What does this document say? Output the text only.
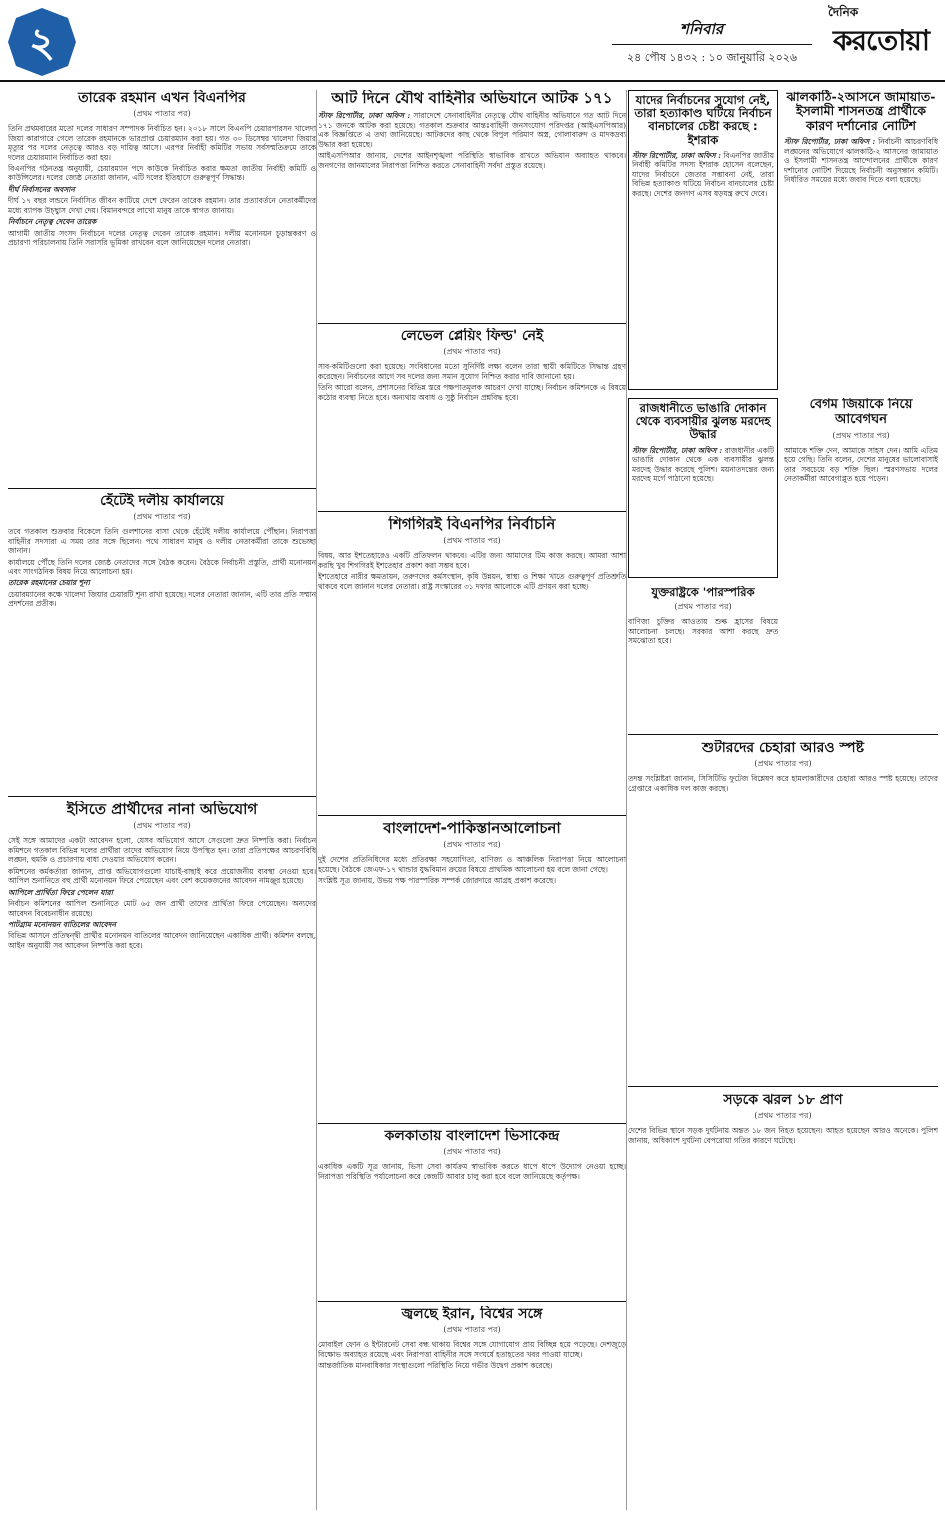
২	শনিবার
২৪ পৌষ ১৪৩২ : ১০ জানুয়ারি ২০২৬
দৈনিক
করতোয়া
তারেক রহমান এখন বিএনপির
(প্রথম পাতার পর)

তিনি প্রথমবারের মতো দলের সাধারণ সম্পাদক নির্বাচিত হন। ২০১৮ সালে বিএনপি চেয়ারপারসন খালেদা জিয়া কারাগারে গেলে তারেক রহমানকে ভারপ্রাপ্ত চেয়ারম্যান করা হয়। গত ৩০ ডিসেম্বর খালেদা জিয়ার মৃত্যুর পর দলের নেতৃত্বে আরও বড় দায়িত্ব আসে। এরপর নির্বাহী কমিটির সভায় সর্বসম্মতিক্রমে তাকে দলের চেয়ারম্যান নির্বাচিত করা হয়।

বিএনপির গঠনতন্ত্র অনুযায়ী, চেয়ারম্যান পদে কাউকে নির্বাচিত করার ক্ষমতা জাতীয় নির্বাহী কমিটি ও কাউন্সিলের। দলের জ্যেষ্ঠ নেতারা জানান, এটি দলের ইতিহাসে গুরুত্বপূর্ণ সিদ্ধান্ত।

দীর্ঘ নির্বাসনের অবসান

দীর্ঘ ১৭ বছর লন্ডনে নির্বাসিত জীবন কাটিয়ে দেশে ফেরেন তারেক রহমান। তার প্রত্যাবর্তনে নেতাকর্মীদের মধ্যে ব্যাপক উচ্ছ্বাস দেখা দেয়। বিমানবন্দরে লাখো মানুষ তাকে স্বাগত জানায়।

নির্বাচনে নেতৃত্ব দেবেন তারেক

আগামী জাতীয় সংসদ নির্বাচনে দলের নেতৃত্ব দেবেন তারেক রহমান। দলীয় মনোনয়ন চূড়ান্তকরণ ও প্রচারণা পরিচালনায় তিনি সরাসরি ভূমিকা রাখবেন বলে জানিয়েছেন দলের নেতারা।

হেঁটেই দলীয় কার্যালয়ে
(প্রথম পাতার পর)

তবে গতকাল শুক্রবার বিকেলে তিনি গুলশানের বাসা থেকে হেঁটেই দলীয় কার্যালয়ে পৌঁছান। নিরাপত্তা বাহিনীর সদস্যরা এ সময় তার সঙ্গে ছিলেন। পথে সাধারণ মানুষ ও দলীয় নেতাকর্মীরা তাকে শুভেচ্ছা জানান।

কার্যালয়ে পৌঁছে তিনি দলের জ্যেষ্ঠ নেতাদের সঙ্গে বৈঠক করেন। বৈঠকে নির্বাচনী প্রস্তুতি, প্রার্থী মনোনয়ন এবং সাংগঠনিক বিষয় নিয়ে আলোচনা হয়।

তারেক রহমানের চেয়ার শূন্য

চেয়ারম্যানের কক্ষে খালেদা জিয়ার চেয়ারটি শূন্য রাখা হয়েছে। দলের নেতারা জানান, এটি তার প্রতি সম্মান প্রদর্শনের প্রতীক।

ইসিতে প্রার্থীদের নানা অভিযোগ
(প্রথম পাতার পর)

সেই সঙ্গে আমাদের একটা আবেদন হলো, যেসব অভিযোগ আসে সেগুলো দ্রুত নিষ্পত্তি করা। নির্বাচন কমিশনে গতকাল বিভিন্ন দলের প্রার্থীরা তাদের অভিযোগ নিয়ে উপস্থিত হন। তারা প্রতিপক্ষের আচরণবিধি লঙ্ঘন, হুমকি ও প্রচারণায় বাধা দেওয়ার অভিযোগ করেন।

কমিশনের কর্মকর্তারা জানান, প্রাপ্ত অভিযোগগুলো যাচাই-বাছাই করে প্রয়োজনীয় ব্যবস্থা নেওয়া হবে। আপিল শুনানিতে বহু প্রার্থী মনোনয়ন ফিরে পেয়েছেন এবং বেশ কয়েকজনের আবেদন নামঞ্জুর হয়েছে।

আপিলে প্রার্থিতা ফিরে পেলেন যারা

নির্বাচন কমিশনের আপিল শুনানিতে মোট ৬৫ জন প্রার্থী তাদের প্রার্থিতা ফিরে পেয়েছেন। অন্যদের আবেদন বিবেচনাধীন রয়েছে।

পাটগ্রাম মনোনয়ন বাতিলের আবেদন

বিভিন্ন আসনে প্রতিদ্বন্দ্বী প্রার্থীর মনোনয়ন বাতিলের আবেদন জানিয়েছেন একাধিক প্রার্থী। কমিশন বলছে, আইন অনুযায়ী সব আবেদন নিষ্পত্তি করা হবে।

আট দিনে যৌথ বাহিনীর অভিযানে আটক ১৭১

স্টাফ রিপোর্টার, ঢাকা অফিস : সারাদেশে সেনাবাহিনীর নেতৃত্বে যৌথ বাহিনীর অভিযানে গত আট দিনে ১৭১ জনকে আটক করা হয়েছে। গতকাল শুক্রবার আন্তঃবাহিনী জনসংযোগ পরিদপ্তর (আইএসপিআর) এক বিজ্ঞপ্তিতে এ তথ্য জানিয়েছে। আটকদের কাছ থেকে বিপুল পরিমাণ অস্ত্র, গোলাবারুদ ও মাদকদ্রব্য উদ্ধার করা হয়েছে।

আইএসপিআর জানায়, দেশের আইনশৃঙ্খলা পরিস্থিতি স্বাভাবিক রাখতে অভিযান অব্যাহত থাকবে। জনগণের জানমালের নিরাপত্তা নিশ্চিত করতে সেনাবাহিনী সর্বদা প্রস্তুত রয়েছে।

লেভেল প্লেয়িং ফিল্ড' নেই
(প্রথম পাতার পর)

সাব-কমিটিগুলো করা হয়েছে। সংবিধানের মতো সুনির্দিষ্ট লক্ষ্য বলেন তারা স্থায়ী কমিটিতে সিদ্ধান্ত গ্রহণ করেছেন। নির্বাচনের আগে সব দলের জন্য সমান সুযোগ নিশ্চিত করার দাবি জানানো হয়।

তিনি আরো বলেন, প্রশাসনের বিভিন্ন স্তরে পক্ষপাতমূলক আচরণ দেখা যাচ্ছে। নির্বাচন কমিশনকে এ বিষয়ে কঠোর ব্যবস্থা নিতে হবে। অন্যথায় অবাধ ও সুষ্ঠু নির্বাচন প্রশ্নবিদ্ধ হবে।

শিগগিরই বিএনপির নির্বাচনি
(প্রথম পাতার পর)

বিষয়, আর ইশতেহারেও একটি প্রতিফলন থাকবে। এটির জন্য আমাদের টিম কাজ করছে। আমরা আশা করছি খুব শিগগিরই ইশতেহার প্রকাশ করা সম্ভব হবে।

ইশতেহারে নারীর ক্ষমতায়ন, তরুণদের কর্মসংস্থান, কৃষি উন্নয়ন, স্বাস্থ্য ও শিক্ষা খাতে গুরুত্বপূর্ণ প্রতিশ্রুতি থাকবে বলে জানান দলের নেতারা। রাষ্ট্র সংস্কারের ৩১ দফার আলোকে এটি প্রণয়ন করা হচ্ছে।

বাংলাদেশ-পাকিস্তানআলোচনা
(প্রথম পাতার পর)

দুই দেশের প্রতিনিধিদের মধ্যে প্রতিরক্ষা সহযোগিতা, বাণিজ্য ও আঞ্চলিক নিরাপত্তা নিয়ে আলোচনা হয়েছে। বৈঠকে জেএফ-১৭ থান্ডার যুদ্ধবিমান ক্রয়ের বিষয়ে প্রাথমিক আলোচনা হয় বলে জানা গেছে।

সংশ্লিষ্ট সূত্র জানায়, উভয় পক্ষ পারস্পরিক সম্পর্ক জোরদারে আগ্রহ প্রকাশ করেছে।

কলকাতায় বাংলাদেশ ভিসাকেন্দ্র
(প্রথম পাতার পর)

একাধিক একটি সূত্র জানায়, ভিসা সেবা কার্যক্রম স্বাভাবিক করতে ধাপে ধাপে উদ্যোগ নেওয়া হচ্ছে। নিরাপত্তা পরিস্থিতি পর্যালোচনা করে কেন্দ্রটি আবার চালু করা হবে বলে জানিয়েছে কর্তৃপক্ষ।

জ্বলছে ইরান, বিশ্বের সঙ্গে
(প্রথম পাতার পর)

মোবাইল ফোন ও ইন্টারনেট সেবা বন্ধ থাকায় বিশ্বের সঙ্গে যোগাযোগ প্রায় বিচ্ছিন্ন হয়ে পড়েছে। দেশজুড়ে বিক্ষোভ অব্যাহত রয়েছে এবং নিরাপত্তা বাহিনীর সঙ্গে সংঘর্ষে হতাহতের খবর পাওয়া যাচ্ছে।

আন্তর্জাতিক মানবাধিকার সংস্থাগুলো পরিস্থিতি নিয়ে গভীর উদ্বেগ প্রকাশ করেছে।

যাদের নির্বাচনের সুযোগ নেই, তারা হত্যাকাণ্ড ঘটিয়ে নির্বাচন বানচালের চেষ্টা করছে : ইশরাক

স্টাফ রিপোর্টার, ঢাকা অফিস : বিএনপির জাতীয় নির্বাহী কমিটির সদস্য ইশরাক হোসেন বলেছেন, যাদের নির্বাচনে জেতার সম্ভাবনা নেই, তারা বিভিন্ন হত্যাকাণ্ড ঘটিয়ে নির্বাচন বানচালের চেষ্টা করছে। দেশের জনগণ এসব ষড়যন্ত্র রুখে দেবে।

ঝালকাঠি-২আসনে জামায়াত-ইসলামী শাসনতন্ত্র প্রার্থীকে কারণ দর্শানোর নোটিশ

স্টাফ রিপোর্টার, ঢাকা অফিস : নির্বাচনী আচরণবিধি লঙ্ঘনের অভিযোগে ঝালকাঠি-২ আসনের জামায়াত ও ইসলামী শাসনতন্ত্র আন্দোলনের প্রার্থীকে কারণ দর্শানোর নোটিশ দিয়েছে নির্বাচনী অনুসন্ধান কমিটি। নির্ধারিত সময়ের মধ্যে জবাব দিতে বলা হয়েছে।

রাজধানীতে ভাঙারি দোকান থেকে ব্যবসায়ীর ঝুলন্ত মরদেহ উদ্ধার

স্টাফ রিপোর্টার, ঢাকা অফিস : রাজধানীর একটি ভাঙারি দোকান থেকে এক ব্যবসায়ীর ঝুলন্ত মরদেহ উদ্ধার করেছে পুলিশ। ময়নাতদন্তের জন্য মরদেহ মর্গে পাঠানো হয়েছে।

যুক্তরাষ্ট্রকে 'পারস্পরিক
(প্রথম পাতার পর)

বাণিজ্য চুক্তির আওতায় শুল্ক হ্রাসের বিষয়ে আলোচনা চলছে। সরকার আশা করছে দ্রুত সমঝোতা হবে।

বেগম জিয়াকে নিয়ে আবেগঘন
(প্রথম পাতার পর)

আমাকে শক্তি দেন, আমাকে সাহস দেন। আমি এতিম হয়ে গেছি। তিনি বলেন, দেশের মানুষের ভালোবাসাই তার সবচেয়ে বড় শক্তি ছিল। স্মরণসভায় দলের নেতাকর্মীরা আবেগাপ্লুত হয়ে পড়েন।

শুটারদের চেহারা আরও স্পষ্ট
(প্রথম পাতার পর)

তদন্ত সংশ্লিষ্টরা জানান, সিসিটিভি ফুটেজ বিশ্লেষণ করে হামলাকারীদের চেহারা আরও স্পষ্ট হয়েছে। তাদের গ্রেপ্তারে একাধিক দল কাজ করছে।

সড়কে ঝরল ১৮ প্রাণ
(প্রথম পাতার পর)

দেশের বিভিন্ন স্থানে সড়ক দুর্ঘটনায় অন্তত ১৮ জন নিহত হয়েছেন। আহত হয়েছেন আরও অনেকে। পুলিশ জানায়, অধিকাংশ দুর্ঘটনা বেপরোয়া গতির কারণে ঘটেছে।
